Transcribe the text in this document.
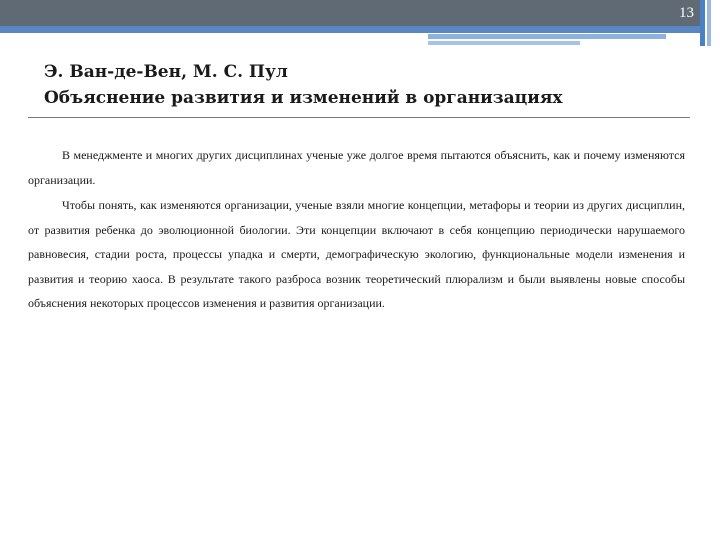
13
Э. Ван-де-Вен, М. С. Пул
Объяснение развития и изменений в организациях

В менеджменте и многих других дисциплинах ученые уже долгое время пытаются объяснить, как и почему изменяются организации.

Чтобы понять, как изменяются организации, ученые взяли многие концепции, метафоры и теории из других дисциплин, от развития ребенка до эволюционной биологии. Эти концепции включают в себя концепцию периодически нарушаемого равновесия, стадии роста, процессы упадка и смерти, демографическую экологию, функциональные модели изменения и развития и теорию хаоса. В результате такого разброса возник теоретический плюрализм и были выявлены новые способы объяснения некоторых процессов изменения и развития организации.
